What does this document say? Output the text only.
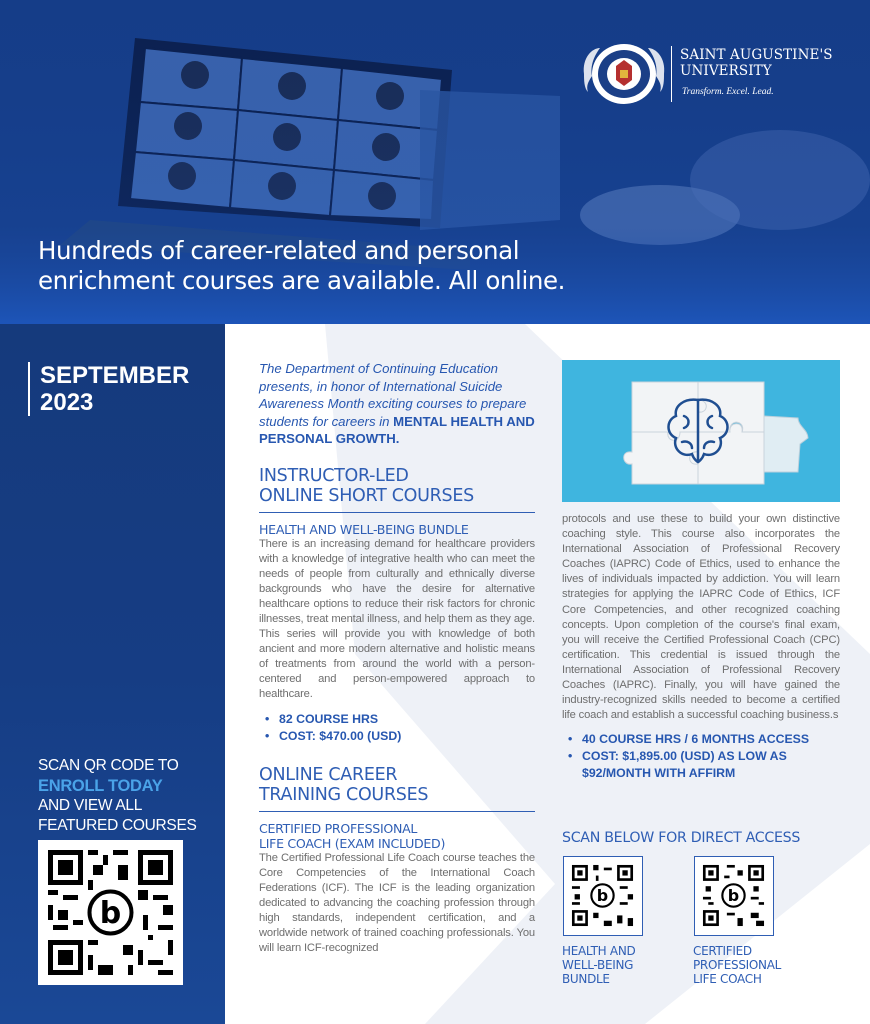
SAINT AUGUSTINE'S
UNIVERSITY
Transform. Excel. Lead.
Hundreds of career-related and personal
enrichment courses are available. All online.
SEPTEMBER
2023
SCAN QR CODE TO
ENROLL TODAY
AND VIEW ALL
FEATURED COURSES
b

The Department of Continuing Education presents, in honor of International Suicide Awareness Month exciting courses to prepare students for careers in MENTAL HEALTH AND PERSONAL GROWTH.

INSTRUCTOR-LED
ONLINE SHORT COURSES
HEALTH AND WELL-BEING BUNDLE

There is an increasing demand for healthcare providers with a knowledge of integrative health who can meet the needs of people from culturally and ethnically diverse backgrounds who have the desire for alternative healthcare options to reduce their risk factors for chronic illnesses, treat mental illness, and help them as they age. This series will provide you with knowledge of both ancient and more modern alternative and holistic means of treatments from around the world with a person-centered and person-empowered approach to healthcare.

• 82 COURSE HRS
• COST: $470.00 (USD)
ONLINE CAREER
TRAINING COURSES
CERTIFIED PROFESSIONAL
LIFE COACH (EXAM INCLUDED)

The Certified Professional Life Coach course teaches the Core Competencies of the International Coach Federations (ICF). The ICF is the leading organization dedicated to advancing the coaching profession through high standards, independent certification, and a worldwide network of trained coaching professionals. You will learn ICF-recognized

protocols and use these to build your own distinctive coaching style. This course also incorporates the International Association of Professional Recovery Coaches (IAPRC) Code of Ethics, used to enhance the lives of individuals impacted by addiction. You will learn strategies for applying the IAPRC Code of Ethics, ICF Core Competencies, and other recognized coaching concepts. Upon completion of the course's final exam, you will receive the Certified Professional Coach (CPC) certification. This credential is issued through the International Association of Professional Recovery Coaches (IAPRC). Finally, you will have gained the industry-recognized skills needed to become a certified life coach and establish a successful coaching business.s

• 40 COURSE HRS / 6 MONTHS ACCESS
• COST: $1,895.00 (USD) AS LOW AS $92/MONTH WITH AFFIRM
SCAN BELOW FOR DIRECT ACCESS
b
HEALTH AND
WELL-BEING
BUNDLE
b
CERTIFIED
PROFESSIONAL
LIFE COACH
